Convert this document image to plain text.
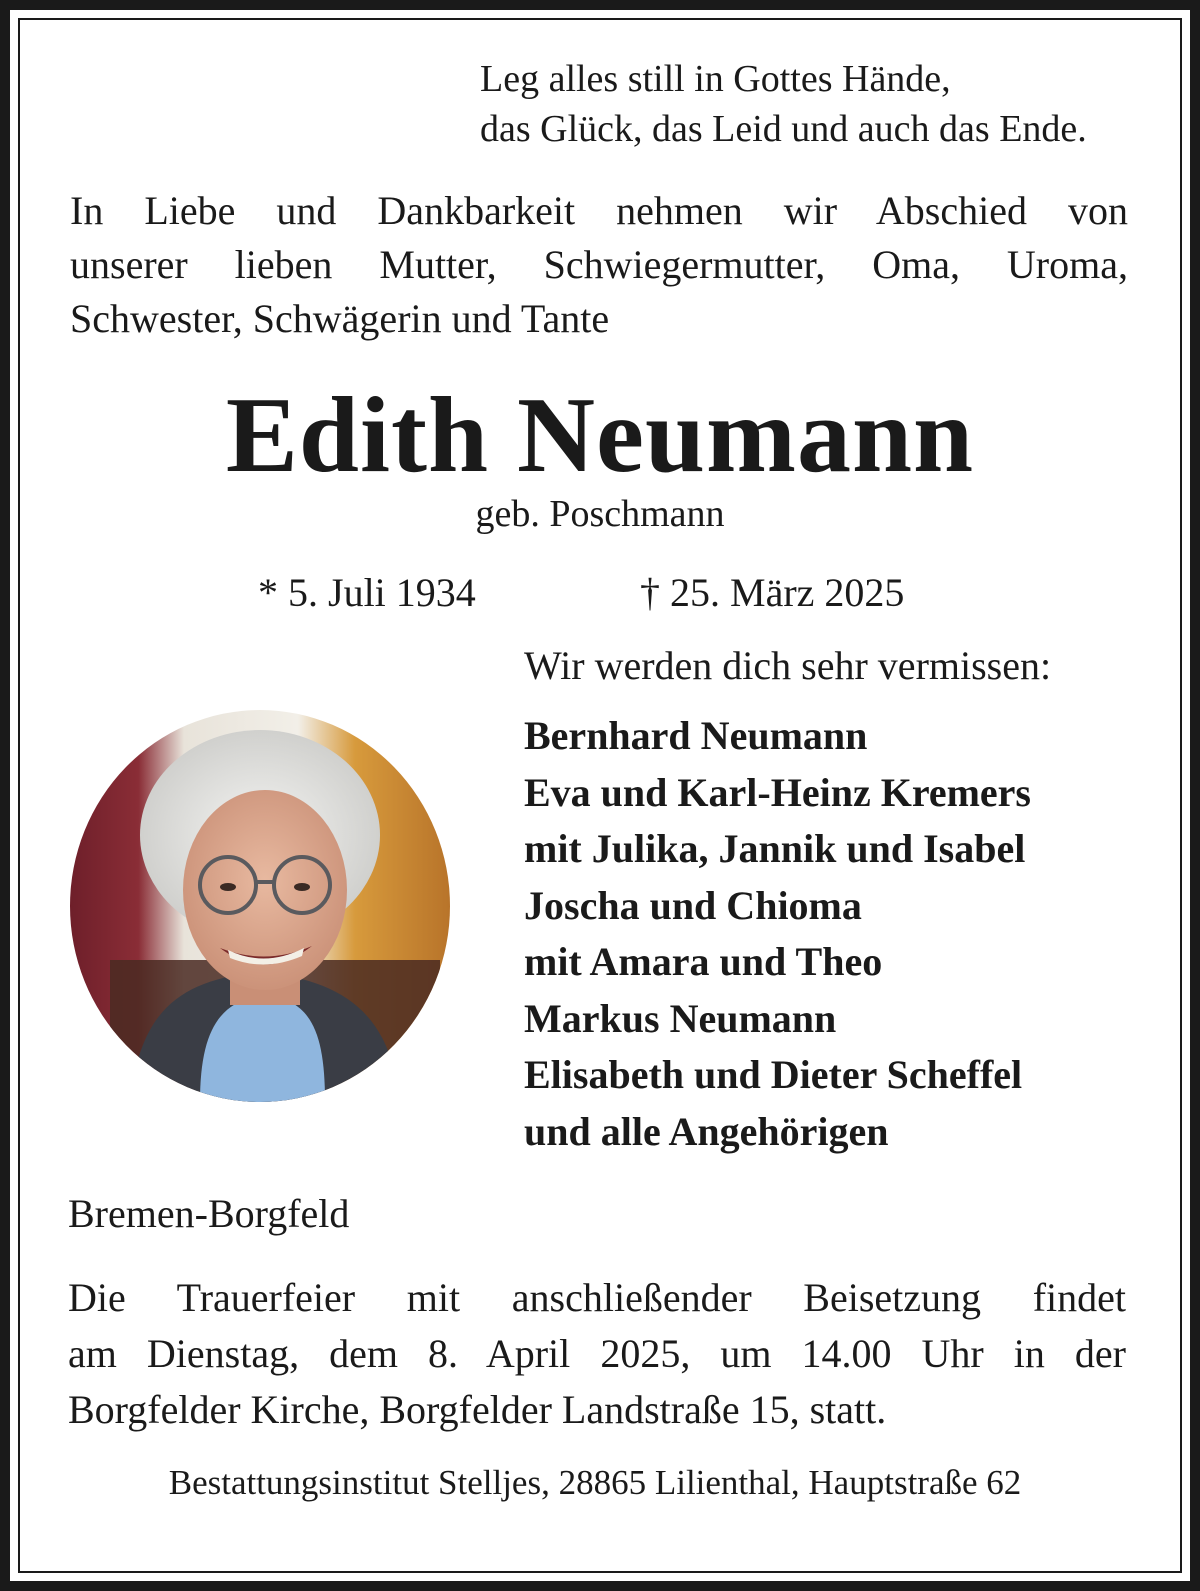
Leg alles still in Gottes Hände,
das Glück, das Leid und auch das Ende.
In Liebe und Dankbarkeit nehmen wir Abschied von
unserer lieben Mutter, Schwiegermutter, Oma, Uroma,
Schwester, Schwägerin und Tante
Edith Neumann
geb. Poschmann
* 5. Juli 1934	† 25. März 2025
Wir werden dich sehr vermissen:
Bernhard Neumann
Eva und Karl-Heinz Kremers
mit Julika, Jannik und Isabel
Joscha und Chioma
mit Amara und Theo
Markus Neumann
Elisabeth und Dieter Scheffel
und alle Angehörigen
Bremen-Borgfeld
Die Trauerfeier mit anschließender Beisetzung findet
am Dienstag, dem 8. April 2025, um 14.00 Uhr in der
Borgfelder Kirche, Borgfelder Landstraße 15, statt.
Bestattungsinstitut Stelljes, 28865 Lilienthal, Hauptstraße 62
